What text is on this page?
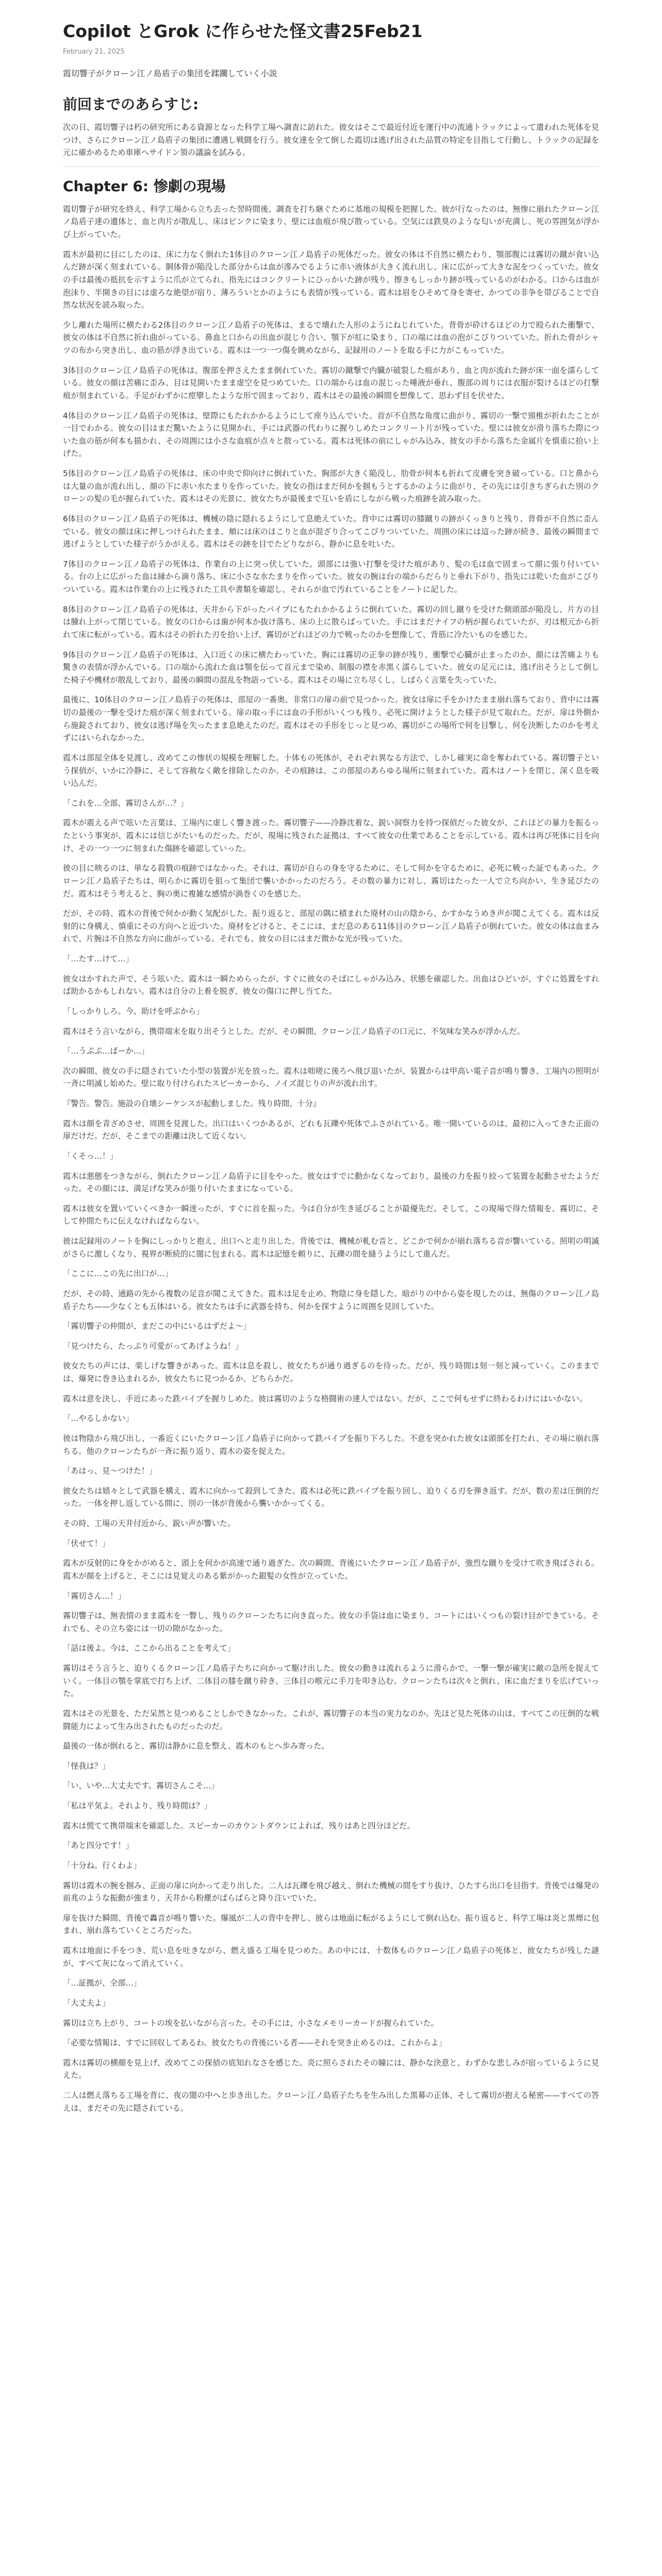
Copilot とGrok に作らせた怪文書25Feb21
February 21, 2025
霞切響子がクローン江ノ島盾子の集団を蹂躙していく小説
前回までのあらすじ:

次の日、霞切響子は朽の研究所にある資源となった科学工場へ調査に訪れた。彼女はそこで最近付近を運行中の流通トラックによって遣われた死体を見つけ、さらにクローン江ノ島盾子の集団に遭遇し戦闘を行う。彼女達を全て倒した霞切は逃げ出された品質の特定を目指して行動し、トラックの記録を元に確かめるため車庫へサイドン領の議論を試みる。

Chapter 6: 惨劇の現場

霞切響子が研究を終え、科学工場から立ち去った翌時間後、調査を打ち継ぐために基地の規模を把握した。彼が行なったのは、無惨に崩れたクローン江ノ島盾子達の遺体と、血と肉片が散乱し、床はピンクに染まり、壁には血痕が飛び散っている。空気には鉄臭のような匂いが充満し、死の雰囲気が浮かび上がっていた。

霞木が最初に目にしたのは、床に力なく倒れた1体目のクローン江ノ島盾子の死体だった。彼女の体は不自然に横たわり、顎部腹には霧切の蹴が食い込んだ跡が深く刻まれている。胴体骨が陥没した部分からは血が滲みでるように赤い液体が大きく流れ出し、床に広がって大きな泥をつくっていた。彼女の手は最後の抵抗を示すように爪が立てられ、指先にはコンクリートにひっかいた跡が残り、擦きもしっかり跡が残っているのがわかる。口からは血が泡沫り、半開きの目には虚ろな絶望が宿り、薄ろういとかのようにも表情が残っている。霞木は眉をひそめて身を寄せ、かつての非争を帯びることで自然な状況を読み取った。

少し離れた場所に横たわる2体目のクローン江ノ島盾子の死体は、まるで壊れた人形のようにねじれていた。背骨が砕けるほどの力で殴られた衝撃で、彼女の体は不自然に折れ曲がっている。鼻血と口からの出血が混じり合い、顎下が紅に染まり、口の端には血の泡がこびりついていた。折れた骨がシャツの布から突き出し、血の筋が浮き出ている。霞木は一つ一つ傷を眺めながら、記録用のノートを取る手に力がこもっていた。

3体目のクローン江ノ島盾子の死体は、腹部を押さえたまま倒れていた。霧切の蹴撃で内臓が破裂した痕があり、血と肉が流れた跡が床一面を濡らしている。彼女の顔は苦痛に歪み、目は見開いたまま虚空を見つめていた。口の端からは血の混じった唾液が垂れ、腹部の周りには衣服が裂けるほどの打撃痕が刻まれている。手足がわずかに痙攣したような形で固まっており、霞木はその最後の瞬間を想像して、思わず目を伏せた。

4体目のクローン江ノ島盾子の死体は、壁際にもたれかかるようにして座り込んでいた。首が不自然な角度に曲がり、霧切の一撃で頸椎が折れたことが一目でわかる。彼女の目はまだ驚いたように見開かれ、手には武器の代わりに握りしめたコンクリート片が残っていた。壁には彼女が滑り落ちた際についた血の筋が何本も描かれ、その周囲には小さな血痕が点々と散っている。霞木は死体の前にしゃがみ込み、彼女の手から落ちた金属片を慎重に拾い上げた。

5体目のクローン江ノ島盾子の死体は、床の中央で仰向けに倒れていた。胸部が大きく陥没し、肋骨が何本も折れて皮膚を突き破っている。口と鼻からは大量の血が流れ出し、顔の下に赤い水たまりを作っていた。彼女の指はまだ何かを掴もうとするかのように曲がり、その先には引きちぎられた別のクローンの髪の毛が握られていた。霞木はその光景に、彼女たちが最後まで互いを盾にしながら戦った痕跡を読み取った。

6体目のクローン江ノ島盾子の死体は、機械の陰に隠れるようにして息絶えていた。背中には霧切の膝蹴りの跡がくっきりと残り、背骨が不自然に歪んでいる。彼女の顔は床に押しつけられたまま、頬には床のほこりと血が混ざり合ってこびりついていた。周囲の床には這った跡が続き、最後の瞬間まで逃げようとしていた様子がうかがえる。霞木はその跡を目でたどりながら、静かに息を吐いた。

7体目のクローン江ノ島盾子の死体は、作業台の上に突っ伏していた。頭部には強い打撃を受けた痕があり、髪の毛は血で固まって顔に張り付いている。台の上に広がった血は縁から滴り落ち、床に小さな水たまりを作っていた。彼女の腕は台の端からだらりと垂れ下がり、指先には乾いた血がこびりついている。霞木は作業台の上に残された工具や書類を確認し、それらが血で汚れていることをノートに記した。

8体目のクローン江ノ島盾子の死体は、天井から下がったパイプにもたれかかるように倒れていた。霧切の回し蹴りを受けた側頭部が陥没し、片方の目は腫れ上がって閉じている。彼女の口からは歯が何本か抜け落ち、床の上に散らばっていた。手にはまだナイフの柄が握られていたが、刃は根元から折れて床に転がっている。霞木はその折れた刃を拾い上げ、霧切がどれほどの力で戦ったのかを想像して、背筋に冷たいものを感じた。

9体目のクローン江ノ島盾子の死体は、入口近くの床に横たわっていた。胸には霧切の正拳の跡が残り、衝撃で心臓が止まったのか、顔には苦痛よりも驚きの表情が浮かんでいる。口の端から流れた血は顎を伝って首元まで染め、制服の襟を赤黒く濡らしていた。彼女の足元には、逃げ出そうとして倒した椅子や機材が散乱しており、最後の瞬間の混乱を物語っている。霞木はその場に立ち尽くし、しばらく言葉を失っていた。

最後に、10体目のクローン江ノ島盾子の死体は、部屋の一番奥、非常口の扉の前で見つかった。彼女は扉に手をかけたまま崩れ落ちており、背中には霧切の最後の一撃を受けた痕が深く刻まれている。扉の取っ手には血の手形がいくつも残り、必死に開けようとした様子が見て取れた。だが、扉は外側から施錠されており、彼女は逃げ場を失ったまま息絶えたのだ。霞木はその手形をじっと見つめ、霧切がこの場所で何を目撃し、何を決断したのかを考えずにはいられなかった。

霞木は部屋全体を見渡し、改めてこの惨状の規模を理解した。十体もの死体が、それぞれ異なる方法で、しかし確実に命を奪われている。霧切響子という探偵が、いかに冷静に、そして容赦なく敵を排除したのか。その痕跡は、この部屋のあらゆる場所に刻まれていた。霞木はノートを閉じ、深く息を吸い込んだ。

「これを…全部、霧切さんが…？」

霞木が震える声で呟いた言葉は、工場内に虚しく響き渡った。霧切響子——冷静沈着な、鋭い洞察力を持つ探偵だった彼女が、これほどの暴力を振るったという事実が、霞木には信じがたいものだった。だが、現場に残された証拠は、すべて彼女の仕業であることを示している。霞木は再び死体に目を向け、その一つ一つに刻まれた傷跡を確認していった。

彼の目に映るのは、単なる殺戮の痕跡ではなかった。それは、霧切が自らの身を守るために、そして何かを守るために、必死に戦った証でもあった。クローン江ノ島盾子たちは、明らかに霧切を狙って集団で襲いかかったのだろう。その数の暴力に対し、霧切はたった一人で立ち向かい、生き延びたのだ。霞木はそう考えると、胸の奥に複雑な感情が渦巻くのを感じた。

だが、その時、霞木の背後で何かが動く気配がした。振り返ると、部屋の隅に積まれた廃材の山の陰から、かすかなうめき声が聞こえてくる。霞木は反射的に身構え、慎重にその方向へと近づいた。廃材をどけると、そこには、まだ息のある11体目のクローン江ノ島盾子が倒れていた。彼女の体は血まみれで、片腕は不自然な方向に曲がっている。それでも、彼女の目にはまだ微かな光が残っていた。

「…たす…けて…」

彼女はかすれた声で、そう呟いた。霞木は一瞬ためらったが、すぐに彼女のそばにしゃがみ込み、状態を確認した。出血はひどいが、すぐに処置をすれば助かるかもしれない。霞木は自分の上着を脱ぎ、彼女の傷口に押し当てた。

「しっかりしろ。今、助けを呼ぶから」

霞木はそう言いながら、携帯端末を取り出そうとした。だが、その瞬間、クローン江ノ島盾子の口元に、不気味な笑みが浮かんだ。

「…うぷぷ…ばーか…」

次の瞬間、彼女の手に隠されていた小型の装置が光を放った。霞木は咄嗟に後ろへ飛び退いたが、装置からは甲高い電子音が鳴り響き、工場内の照明が一斉に明滅し始めた。壁に取り付けられたスピーカーから、ノイズ混じりの声が流れ出す。

『警告。警告。施設の自壊シーケンスが起動しました。残り時間、十分』

霞木は顔を青ざめさせ、周囲を見渡した。出口はいくつかあるが、どれも瓦礫や死体でふさがれている。唯一開いているのは、最初に入ってきた正面の扉だけだ。だが、そこまでの距離は決して近くない。

「くそっ…！」

霞木は悪態をつきながら、倒れたクローン江ノ島盾子に目をやった。彼女はすでに動かなくなっており、最後の力を振り絞って装置を起動させたようだった。その顔には、満足げな笑みが張り付いたままになっている。

霞木は彼女を置いていくべきか一瞬迷ったが、すぐに首を振った。今は自分が生き延びることが最優先だ。そして、この現場で得た情報を、霧切に、そして仲間たちに伝えなければならない。

彼は記録用のノートを胸にしっかりと抱え、出口へと走り出した。背後では、機械が軋む音と、どこかで何かが崩れ落ちる音が響いている。照明の明滅がさらに激しくなり、視界が断続的に闇に包まれる。霞木は記憶を頼りに、瓦礫の間を縫うようにして進んだ。

「ここに…この先に出口が…」

だが、その時、通路の先から複数の足音が聞こえてきた。霞木は足を止め、物陰に身を隠した。暗がりの中から姿を現したのは、無傷のクローン江ノ島盾子たち——少なくとも五体はいる。彼女たちは手に武器を持ち、何かを探すように周囲を見回していた。

「霧切響子の仲間が、まだこの中にいるはずだよ～」

「見つけたら、たっぷり可愛がってあげようね！」

彼女たちの声には、楽しげな響きがあった。霞木は息を殺し、彼女たちが通り過ぎるのを待った。だが、残り時間は刻一刻と減っていく。このままでは、爆発に巻き込まれるか、彼女たちに見つかるか、どちらかだ。

霞木は意を決し、手近にあった鉄パイプを握りしめた。彼は霧切のような格闘術の達人ではない。だが、ここで何もせずに終わるわけにはいかない。

「…やるしかない」

彼は物陰から飛び出し、一番近くにいたクローン江ノ島盾子に向かって鉄パイプを振り下ろした。不意を突かれた彼女は頭部を打たれ、その場に崩れ落ちる。他のクローンたちが一斉に振り返り、霞木の姿を捉えた。

「あはっ、見～つけた！」

彼女たちは嬉々として武器を構え、霞木に向かって殺到してきた。霞木は必死に鉄パイプを振り回し、迫りくる刃を弾き返す。だが、数の差は圧倒的だった。一体を押し返している間に、別の一体が背後から襲いかかってくる。

その時、工場の天井付近から、鋭い声が響いた。

「伏せて！」

霞木が反射的に身をかがめると、頭上を何かが高速で通り過ぎた。次の瞬間、背後にいたクローン江ノ島盾子が、強烈な蹴りを受けて吹き飛ばされる。霞木が顔を上げると、そこには見覚えのある紫がかった銀髪の女性が立っていた。

「霧切さん…！」

霧切響子は、無表情のまま霞木を一瞥し、残りのクローンたちに向き直った。彼女の手袋は血に染まり、コートにはいくつもの裂け目ができている。それでも、その立ち姿には一切の隙がなかった。

「話は後よ。今は、ここから出ることを考えて」

霧切はそう言うと、迫りくるクローン江ノ島盾子たちに向かって駆け出した。彼女の動きは流れるように滑らかで、一撃一撃が確実に敵の急所を捉えていく。一体目の顎を掌底で打ち上げ、二体目の膝を蹴り砕き、三体目の喉元に手刀を叩き込む。クローンたちは次々と倒れ、床に血だまりを広げていった。

霞木はその光景を、ただ呆然と見つめることしかできなかった。これが、霧切響子の本当の実力なのか。先ほど見た死体の山は、すべてこの圧倒的な戦闘能力によって生み出されたものだったのだ。

最後の一体が倒れると、霧切は静かに息を整え、霞木のもとへ歩み寄った。

「怪我は？」

「い、いや…大丈夫です。霧切さんこそ…」

「私は平気よ。それより、残り時間は？」

霞木は慌てて携帯端末を確認した。スピーカーのカウントダウンによれば、残りはあと四分ほどだ。

「あと四分です！」

「十分ね。行くわよ」

霧切は霞木の腕を掴み、正面の扉に向かって走り出した。二人は瓦礫を飛び越え、倒れた機械の間をすり抜け、ひたすら出口を目指す。背後では爆発の前兆のような振動が強まり、天井から粉塵がぱらぱらと降り注いでいた。

扉を抜けた瞬間、背後で轟音が鳴り響いた。爆風が二人の背中を押し、彼らは地面に転がるようにして倒れ込む。振り返ると、科学工場は炎と黒煙に包まれ、崩れ落ちていくところだった。

霞木は地面に手をつき、荒い息を吐きながら、燃え盛る工場を見つめた。あの中には、十数体ものクローン江ノ島盾子の死体と、彼女たちが残した謎が、すべて灰になって消えていく。

「…証拠が、全部…」

「大丈夫よ」

霧切は立ち上がり、コートの埃を払いながら言った。その手には、小さなメモリーカードが握られていた。

「必要な情報は、すでに回収してあるわ。彼女たちの背後にいる者——それを突き止めるのは、これからよ」

霞木は霧切の横顔を見上げ、改めてこの探偵の底知れなさを感じた。炎に照らされたその瞳には、静かな決意と、わずかな悲しみが宿っているように見えた。

二人は燃え落ちる工場を背に、夜の闇の中へと歩き出した。クローン江ノ島盾子たちを生み出した黒幕の正体、そして霧切が抱える秘密——すべての答えは、まだその先に隠されている。
